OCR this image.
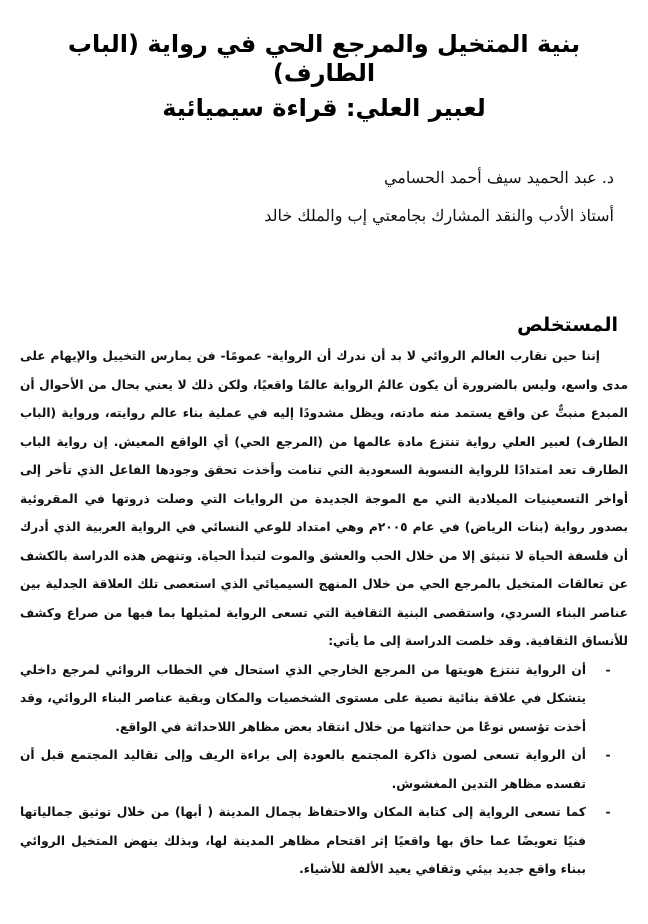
بنية المتخيل والمرجع الحي في رواية (الباب الطارف)
لعبير العلي: قراءة سيميائية

د. عبد الحميد سيف أحمد الحسامي

أستاذ الأدب والنقد المشارك بجامعتي إب والملك خالد

المستخلص

إننا حين نقارب العالم الروائي لا بد أن ندرك أن الرواية- عمومًا- فن يمارس التخييل والإيهام على مدى واسع، وليس بالضرورة أن يكون عالمُ الرواية عالمًا واقعيًا، ولكن ذلك لا يعني بحال من الأحوال أن المبدع منبتٌّ عن واقع يستمد منه مادته، ويظل مشدودًا إليه في عملية بناء عالم روايته، ورواية (الباب الطارف) لعبير العلي رواية تنتزع مادة عالمها من (المرجع الحي) أي الواقع المعيش. إن رواية الباب الطارف تعد امتدادًا للرواية النسوية السعودية التي تنامت وأخذت تحقق وجودها الفاعل الذي تأخر إلى أواخر التسعينيات الميلادية التي مع الموجة الجديدة من الروايات التي وصلت ذروتها في المقروئية بصدور رواية (بنات الرياض) في عام ٢٠٠٥م وهي امتداد للوعي النسائي في الرواية العربية الذي أدرك أن فلسفة الحياة لا تنبثق إلا من خلال الحب والعشق والموت لتبدأ الحياة. وتنهض هذه الدراسة بالكشف عن تعالقات المتخيل بالمرجع الحي من خلال المنهج السيميائي الذي استعصى تلك العلاقة الجدلية بين عناصر البناء السردي، واستقصى البنية الثقافية التي تسعى الرواية لمثيلها بما فيها من صراع وكشف للأنساق الثقافية. وقد خلصت الدراسة إلى ما يأتي:

-
أن الرواية تنتزع هويتها من المرجع الخارجي الذي استحال في الخطاب الروائي لمرجع داخلي يتشكل في علاقة بنائية نصية على مستوى الشخصيات والمكان وبقية عناصر البناء الروائي، وقد أخذت تؤسس نوعًا من حداثتها من خلال انتقاد بعض مظاهر اللاحداثة في الواقع.
-
أن الرواية تسعى لصون ذاكرة المجتمع بالعودة إلى براءة الريف وإلى تقاليد المجتمع قبل أن تفسده مظاهر التدين المغشوش.
-
كما تسعى الرواية إلى كتابة المكان والاحتفاظ بجمال المدينة ( أبها) من خلال توثيق جمالياتها فنيًا تعويضًا عما حاق بها واقعيًا إثر اقتحام مظاهر المدينة لها، وبذلك ينهض المتخيل الروائي ببناء واقع جديد بيئي وثقافي يعيد الألفة للأشياء.
